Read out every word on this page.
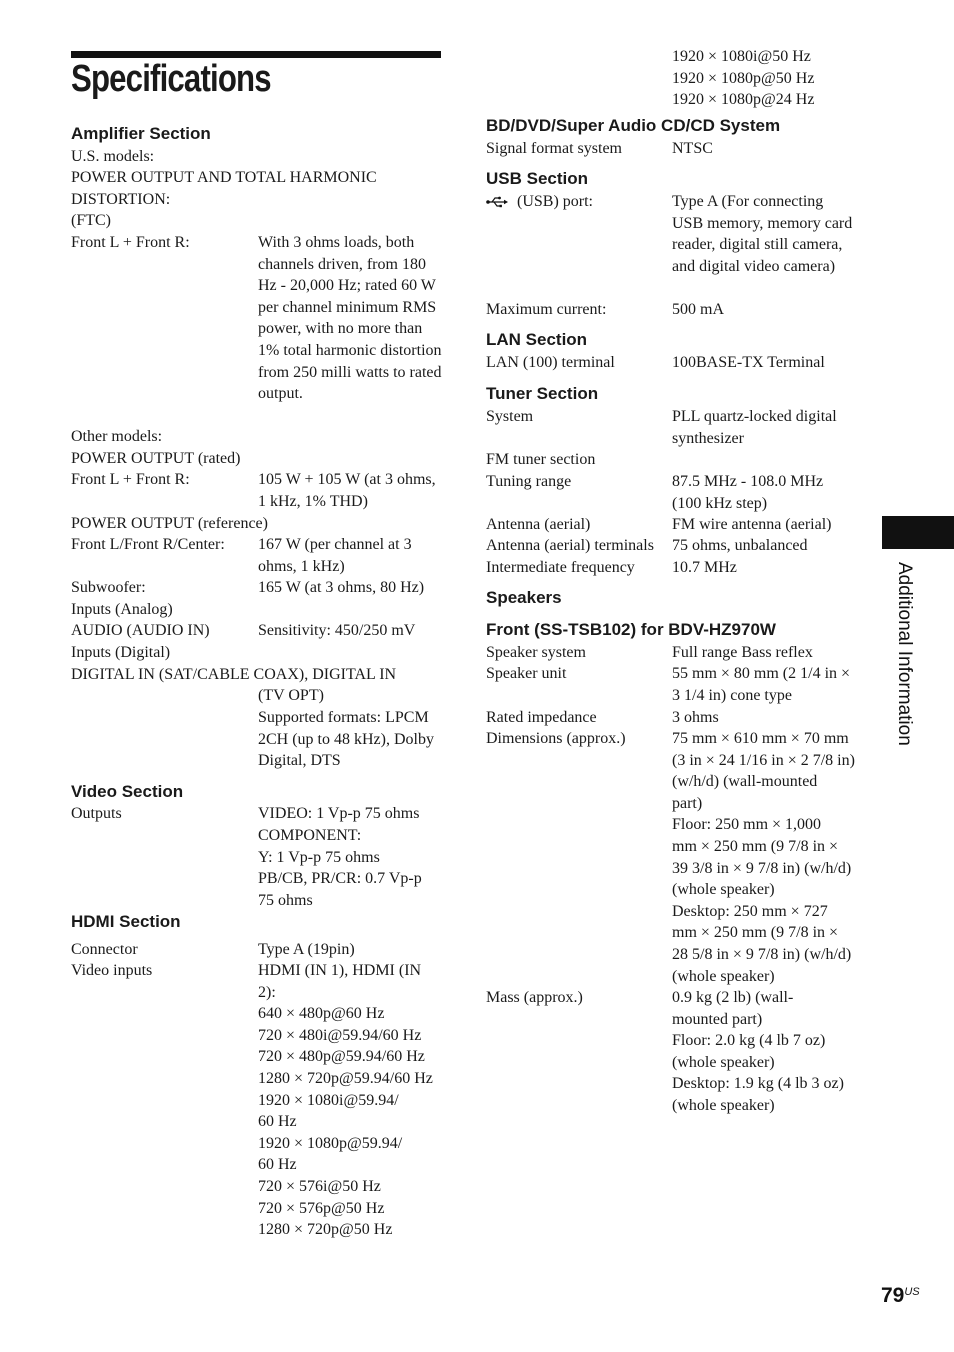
Specifications
Amplifier Section
U.S. models:
POWER OUTPUT AND TOTAL HARMONIC
DISTORTION:
(FTC)
Front L + Front R:	With 3 ohms loads, both channels driven, from 180 Hz - 20,000 Hz; rated 60 W per channel minimum RMS power, with no more than 1% total harmonic distortion from 250 milli watts to rated output.
Other models:
POWER OUTPUT (rated)
Front L + Front R:	105 W + 105 W (at 3 ohms, 1 kHz, 1% THD)
POWER OUTPUT (reference)
Front L/Front R/Center: 167 W (per channel at 3 ohms, 1 kHz)
Subwoofer:	165 W (at 3 ohms, 80 Hz)
Inputs (Analog)
AUDIO (AUDIO IN)	Sensitivity: 450/250 mV
Inputs (Digital)
DIGITAL IN (SAT/CABLE COAX), DIGITAL IN
(TV OPT)
Supported formats: LPCM 2CH (up to 48 kHz), Dolby Digital, DTS
Video Section
Outputs	VIDEO: 1 Vp-p 75 ohms
COMPONENT:
Y: 1 Vp-p 75 ohms
PB/CB, PR/CR: 0.7 Vp-p
75 ohms
HDMI Section
Connector	Type A (19pin)
Video inputs	HDMI (IN 1), HDMI (IN
2):
640 × 480p@60 Hz
720 × 480i@59.94/60 Hz
720 × 480p@59.94/60 Hz
1280 × 720p@59.94/60 Hz
1920 × 1080i@59.94/
60 Hz
1920 × 1080p@59.94/
60 Hz
720 × 576i@50 Hz
720 × 576p@50 Hz
1280 × 720p@50 Hz
1920 × 1080i@50 Hz
1920 × 1080p@50 Hz
1920 × 1080p@24 Hz
BD/DVD/Super Audio CD/CD System
Signal format system	NTSC
USB Section
(USB) port:	Type A (For connecting USB memory, memory card reader, digital still camera, and digital video camera)
Maximum current:	500 mA
LAN Section
LAN (100) terminal	100BASE-TX Terminal
Tuner Section
System	PLL quartz-locked digital synthesizer
FM tuner section
Tuning range	87.5 MHz - 108.0 MHz (100 kHz step)
Antenna (aerial)	FM wire antenna (aerial)
Antenna (aerial) terminals 75 ohms, unbalanced
Intermediate frequency 10.7 MHz
Speakers
Front (SS-TSB102) for BDV-HZ970W
Speaker system	Full range Bass reflex
Speaker unit	55 mm × 80 mm (2 1/4 in ×
3 1/4 in) cone type
Rated impedance	3 ohms
Dimensions (approx.)	75 mm × 610 mm × 70 mm
(3 in × 24 1/16 in × 2 7/8 in)
(w/h/d) (wall-mounted
part)
Floor: 250 mm × 1,000
mm × 250 mm (9 7/8 in ×
39 3/8 in × 9 7/8 in) (w/h/d)
(whole speaker)
Desktop: 250 mm × 727
mm × 250 mm (9 7/8 in ×
28 5/8 in × 9 7/8 in) (w/h/d)
(whole speaker)
Mass (approx.)	0.9 kg (2 lb) (wall-
mounted part)
Floor: 2.0 kg (4 lb 7 oz)
(whole speaker)
Desktop: 1.9 kg (4 lb 3 oz)
(whole speaker)
Additional Information
$79^{US}$
